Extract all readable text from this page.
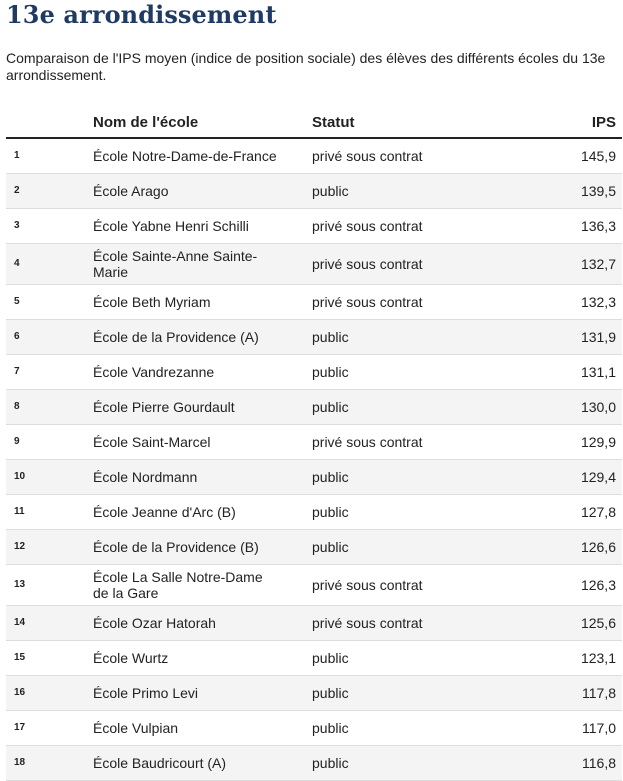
13e arrondissement

Comparaison de l'IPS moyen (indice de position sociale) des élèves des différents écoles du 13e arrondissement.

	Nom de l'école	Statut	IPS
1	École Notre-Dame-de-France	privé sous contrat	145,9
2	École Arago	public	139,5
3	École Yabne Henri Schilli	privé sous contrat	136,3
4	École Sainte-Anne Sainte-Marie	privé sous contrat	132,7
5	École Beth Myriam	privé sous contrat	132,3
6	École de la Providence (A)	public	131,9
7	École Vandrezanne	public	131,1
8	École Pierre Gourdault	public	130,0
9	École Saint-Marcel	privé sous contrat	129,9
10	École Nordmann	public	129,4
11	École Jeanne d'Arc (B)	public	127,8
12	École de la Providence (B)	public	126,6
13	École La Salle Notre-Dame de la Gare	privé sous contrat	126,3
14	École Ozar Hatorah	privé sous contrat	125,6
15	École Wurtz	public	123,1
16	École Primo Levi	public	117,8
17	École Vulpian	public	117,0
18	École Baudricourt (A)	public	116,8
